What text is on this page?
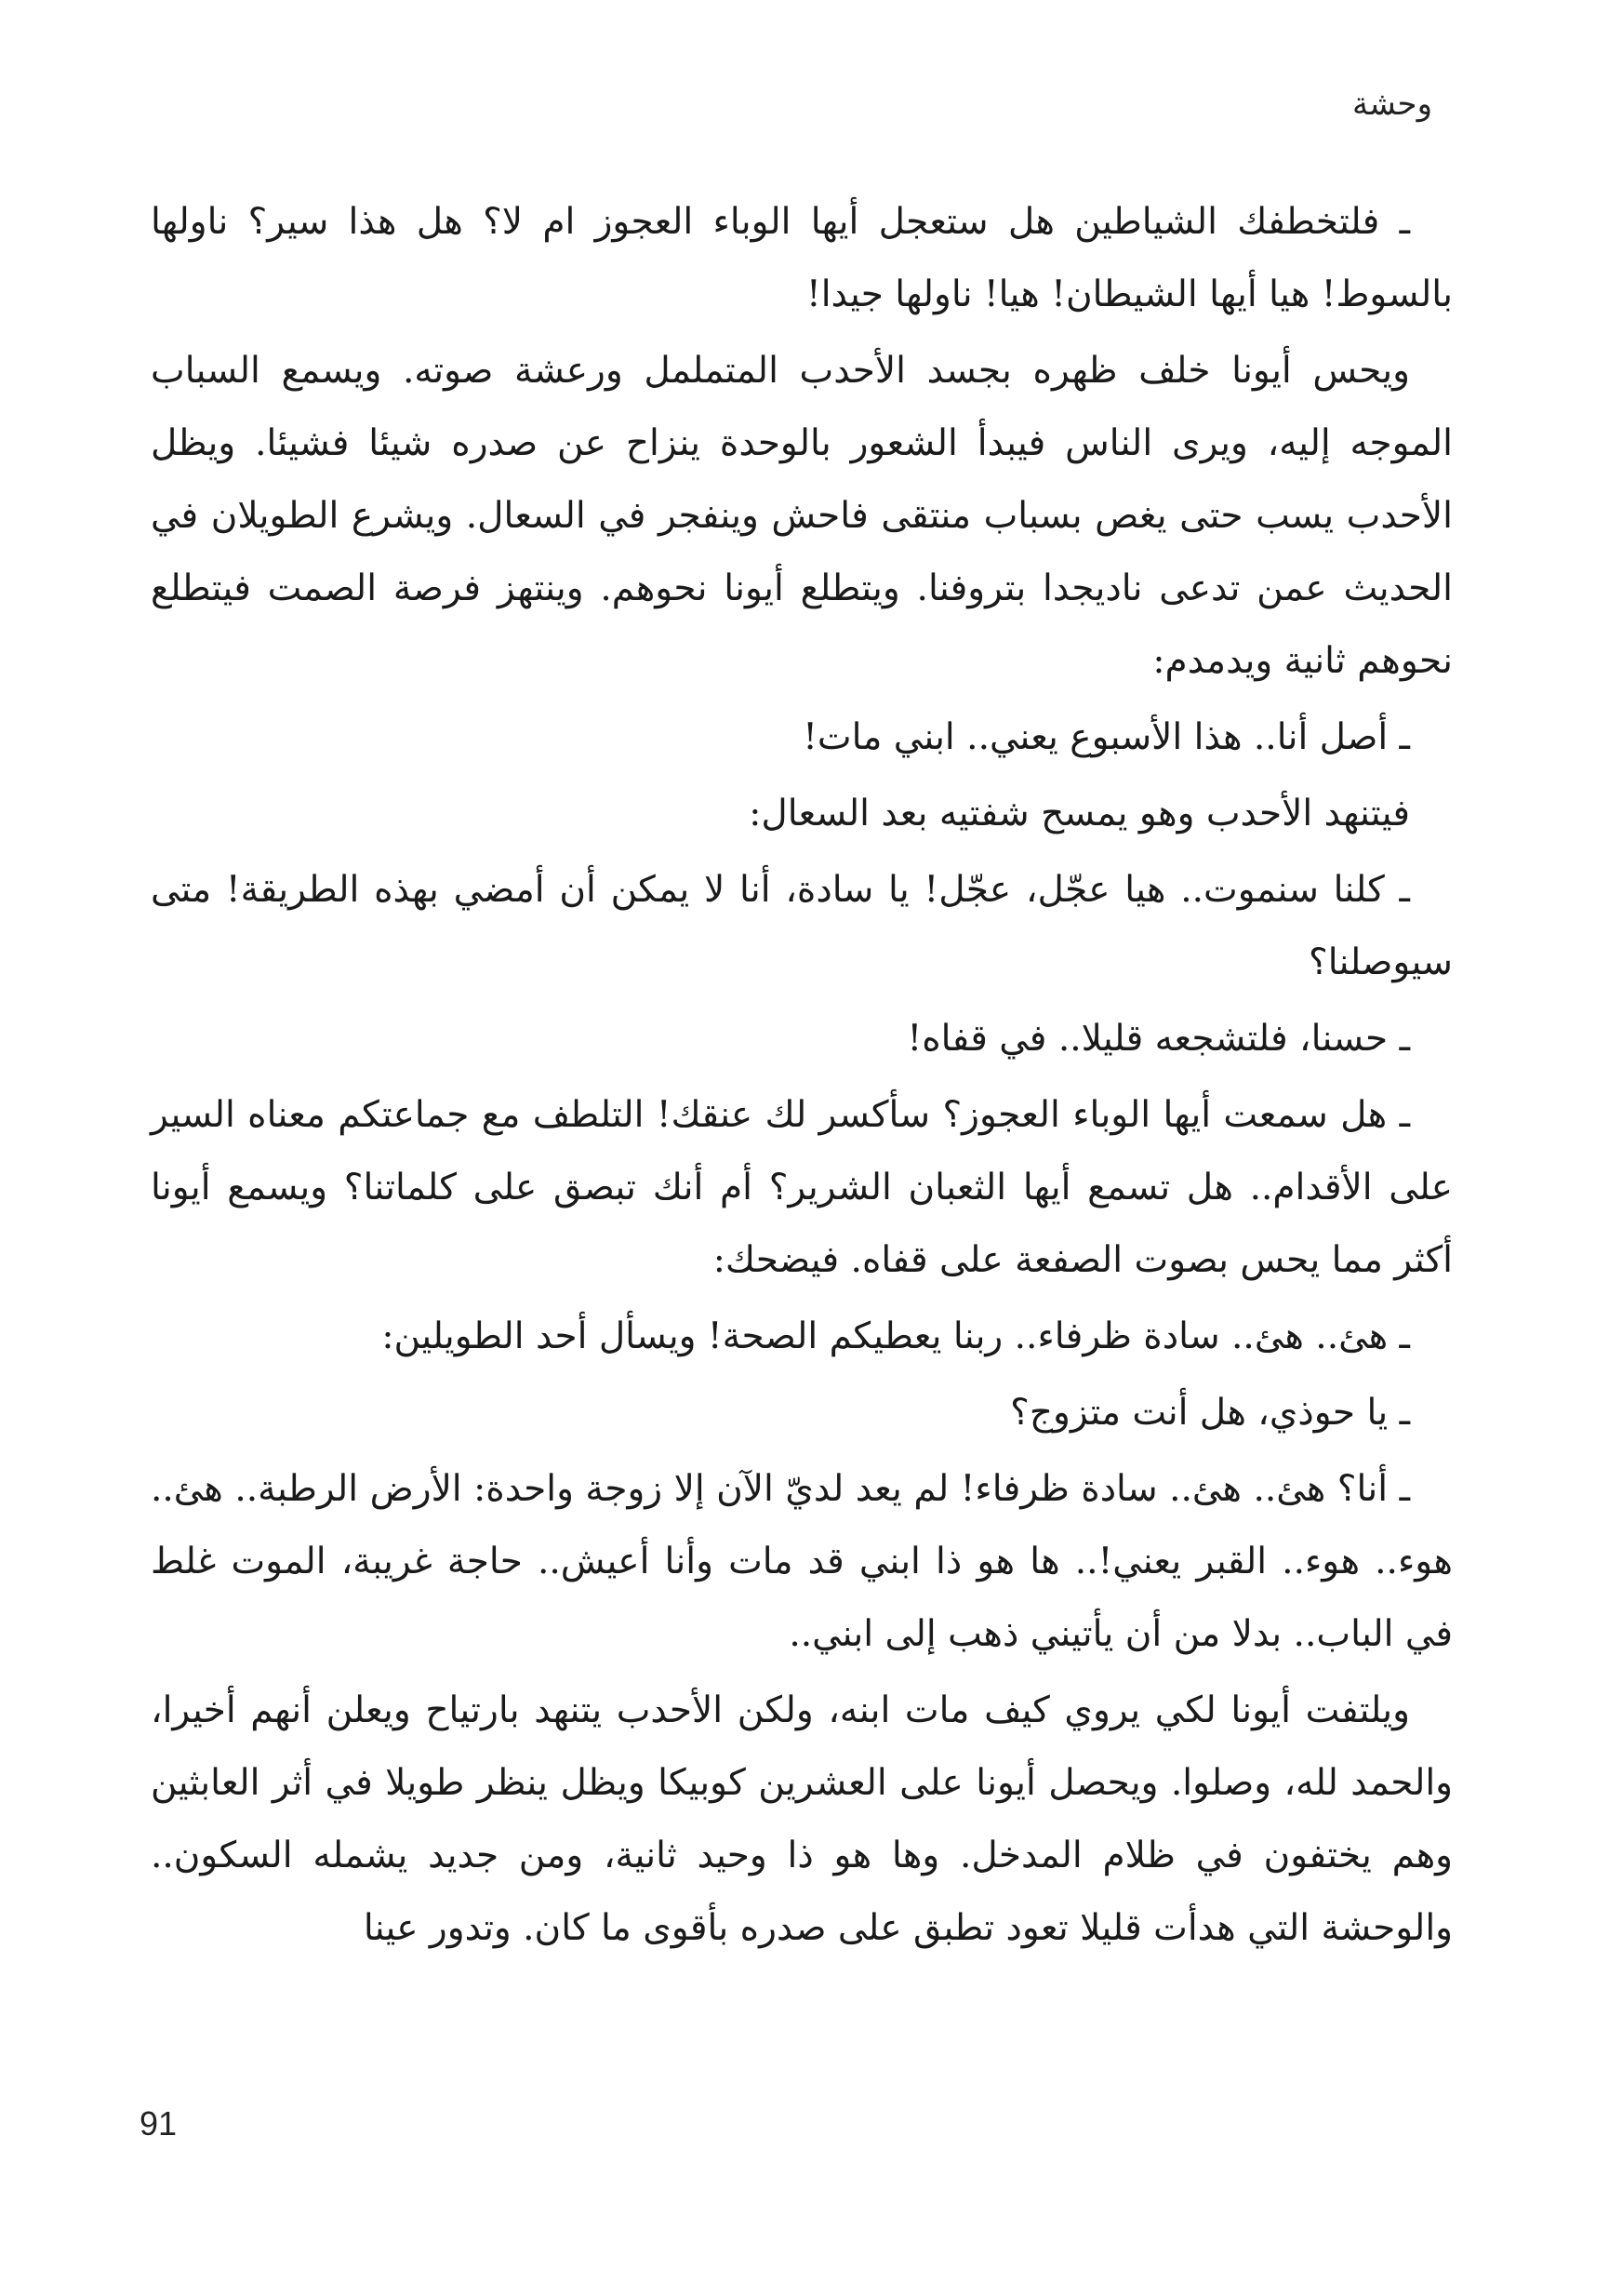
وحشة

ـ فلتخطفك الشياطين هل ستعجل أيها الوباء العجوز ام لا؟ هل هذا سير؟ ناولها بالسوط! هيا أيها الشيطان! هيا! ناولها جيدا!

ويحس أيونا خلف ظهره بجسد الأحدب المتململ ورعشة صوته. ويسمع السباب الموجه إليه، ويرى الناس فيبدأ الشعور بالوحدة ينزاح عن صدره شيئا فشيئا. ويظل الأحدب يسب حتى يغص بسباب منتقى فاحش وينفجر في السعال. ويشرع الطويلان في الحديث عمن تدعى ناديجدا بتروفنا. ويتطلع أيونا نحوهم. وينتهز فرصة الصمت فيتطلع نحوهم ثانية ويدمدم:

ـ أصل أنا.. هذا الأسبوع يعني.. ابني مات!

فيتنهد الأحدب وهو يمسح شفتيه بعد السعال:

ـ كلنا سنموت.. هيا عجّل، عجّل! يا سادة، أنا لا يمكن أن أمضي بهذه الطريقة! متى سيوصلنا؟

ـ حسنا، فلتشجعه قليلا.. في قفاه!

ـ هل سمعت أيها الوباء العجوز؟ سأكسر لك عنقك! التلطف مع جماعتكم معناه السير على الأقدام.. هل تسمع أيها الثعبان الشرير؟ أم أنك تبصق على كلماتنا؟ ويسمع أيونا أكثر مما يحس بصوت الصفعة على قفاه. فيضحك:

ـ هئ.. هئ.. سادة ظرفاء.. ربنا يعطيكم الصحة! ويسأل أحد الطويلين:

ـ يا حوذي، هل أنت متزوج؟

ـ أنا؟ هئ.. هئ.. سادة ظرفاء! لم يعد لديّ الآن إلا زوجة واحدة: الأرض الرطبة.. هئ.. هوء.. هوء.. القبر يعني!.. ها هو ذا ابني قد مات وأنا أعيش.. حاجة غريبة، الموت غلط في الباب.. بدلا من أن يأتيني ذهب إلى ابني..

ويلتفت أيونا لكي يروي كيف مات ابنه، ولكن الأحدب يتنهد بارتياح ويعلن أنهم أخيرا، والحمد لله، وصلوا. ويحصل أيونا على العشرين كوبيكا ويظل ينظر طويلا في أثر العابثين وهم يختفون في ظلام المدخل. وها هو ذا وحيد ثانية، ومن جديد يشمله السكون.. والوحشة التي هدأت قليلا تعود تطبق على صدره بأقوى ما كان. وتدور عينا

91
